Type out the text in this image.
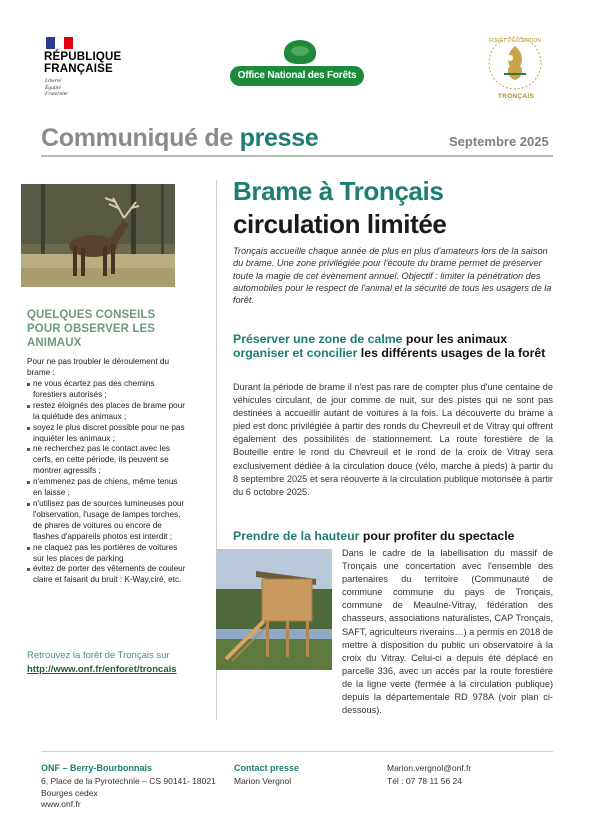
RÉPUBLIQUE
FRANÇAISE
Liberté
Égalité
Fraternité
Office National des Forêts
FORÊT D'EXCEPTION
TRONÇAIS
Communiqué de presse	Septembre 2025
QUELQUES CONSEILS POUR OBSERVER LES ANIMAUX
Pour ne pas troubler le déroulement du brame :
ne vous écartez pas des chemins forestiers autorisés ;
restez éloignés des places de brame pour la quiétude des animaux ;
soyez le plus discret possible pour ne pas inquiéter les animaux ;
ne recherchez pas le contact avec les cerfs, en cette période, ils peuvent se montrer agressifs ;
n'emmenez pas de chiens, même tenus en laisse ;
n'utilisez pas de sources lumineuses pour l'observation, l'usage de lampes torches, de phares de voitures ou encore de flashes d'appareils photos est interdit ;
ne claquez pas les portières de voitures sur les places de parking
évitez de porter des vêtements de couleur claire et faisant du bruit : K-Way,ciré, etc.
Retrouvez la forêt de Tronçais sur
http://www.onf.fr/enforet/troncais
Brame à Tronçais
circulation limitée
Tronçais accueille chaque année de plus en plus d'amateurs lors de la saison du brame. Une zone privilégiée pour l'écoute du brame permet de préserver toute la magie de cet évènement annuel. Objectif : limiter la pénétration des automobiles pour le respect de l'animal et la sécurité de tous les usagers de la forêt.
Préserver une zone de calme pour les animaux
organiser et concilier les différents usages de la forêt
Durant la période de brame il n'est pas rare de compter plus d'une centaine de véhicules circulant, de jour comme de nuit, sur des pistes qui ne sont pas destinées à accueillir autant de voitures à la fois. La découverte du brame à pied est donc privilégiée à partir des ronds du Chevreuil et de Vitray qui offrent également des possibilités de stationnement. La route forestière de la Bouteille entre le rond du Chevreuil et le rond de la croix de Vitray sera exclusivement dédiée à la circulation douce (vélo, marche à pieds) à partir du 8 septembre 2025 et sera réouverte à la circulation publique motorisée à partir du 6 octobre 2025.
Prendre de la hauteur pour profiter du spectacle
Dans le cadre de la labellisation du massif de Tronçais une concertation avec l'ensemble des partenaires du territoire (Communauté de commune commune du pays de Tronçais, commune de Meaulne-Vitray, fédération des chasseurs, associations naturalistes, CAP Tronçais, SAFT, agriculteurs riverains…) a permis en 2018 de mettre à disposition du public un observatoire à la croix du Vitray. Celui-ci a depuis été déplacé en parcelle 336, avec un accès par la route forestière de la ligne verte (fermée à la circulation publique) depuis la départementale RD 978A (voir plan ci-dessous).
ONF – Berry-Bourbonnais
6, Place de la Pyrotechnie – CS 90141- 18021
Bourges cedex
www.onf.fr
Contact presse
Marion Vergnol
Marion.vergnol@onf.fr
Tél : 07 78 11 56 24
